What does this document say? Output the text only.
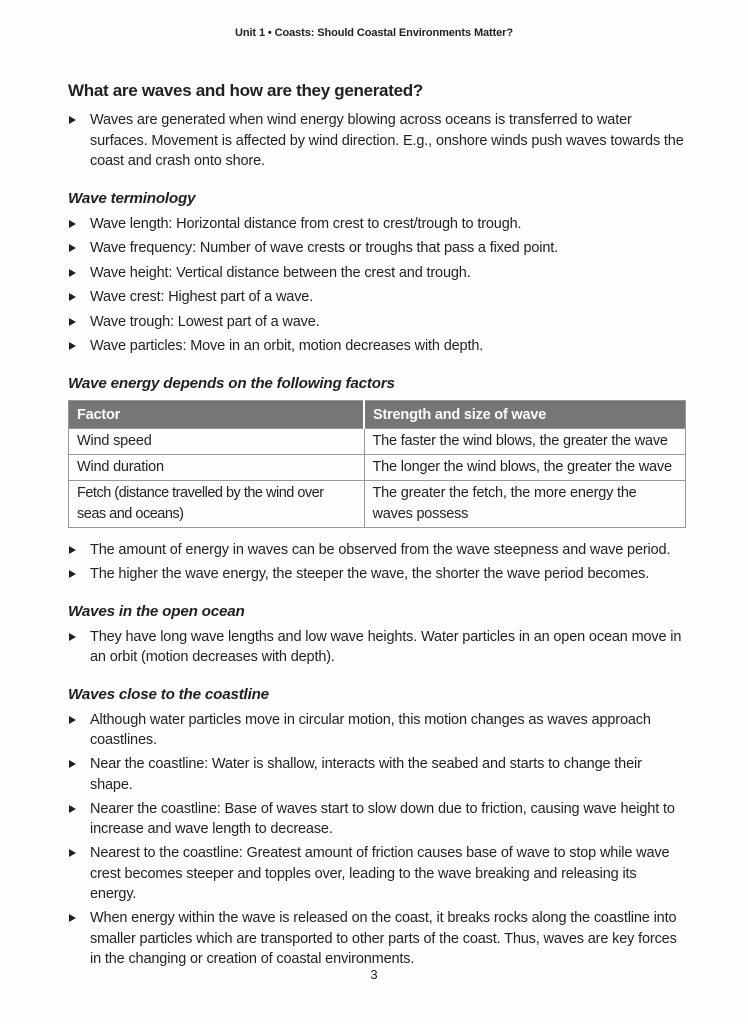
Unit 1 • Coasts: Should Coastal Environments Matter?
What are waves and how are they generated?
Waves are generated when wind energy blowing across oceans is transferred to water surfaces. Movement is affected by wind direction. E.g., onshore winds push waves towards the coast and crash onto shore.
Wave terminology
Wave length: Horizontal distance from crest to crest/trough to trough.
Wave frequency: Number of wave crests or troughs that pass a fixed point.
Wave height: Vertical distance between the crest and trough.
Wave crest: Highest part of a wave.
Wave trough: Lowest part of a wave.
Wave particles: Move in an orbit, motion decreases with depth.
Wave energy depends on the following factors
Factor	Strength and size of wave
Wind speed	The faster the wind blows, the greater the wave
Wind duration	The longer the wind blows, the greater the wave
Fetch (distance travelled by the wind over seas and oceans)	The greater the fetch, the more energy the waves possess
The amount of energy in waves can be observed from the wave steepness and wave period.
The higher the wave energy, the steeper the wave, the shorter the wave period becomes.
Waves in the open ocean
They have long wave lengths and low wave heights. Water particles in an open ocean move in an orbit (motion decreases with depth).
Waves close to the coastline
Although water particles move in circular motion, this motion changes as waves approach coastlines.
Near the coastline: Water is shallow, interacts with the seabed and starts to change their shape.
Nearer the coastline: Base of waves start to slow down due to friction, causing wave height to increase and wave length to decrease.
Nearest to the coastline: Greatest amount of friction causes base of wave to stop while wave crest becomes steeper and topples over, leading to the wave breaking and releasing its energy.
When energy within the wave is released on the coast, it breaks rocks along the coastline into smaller particles which are transported to other parts of the coast. Thus, waves are key forces in the changing or creation of coastal environments.
3
